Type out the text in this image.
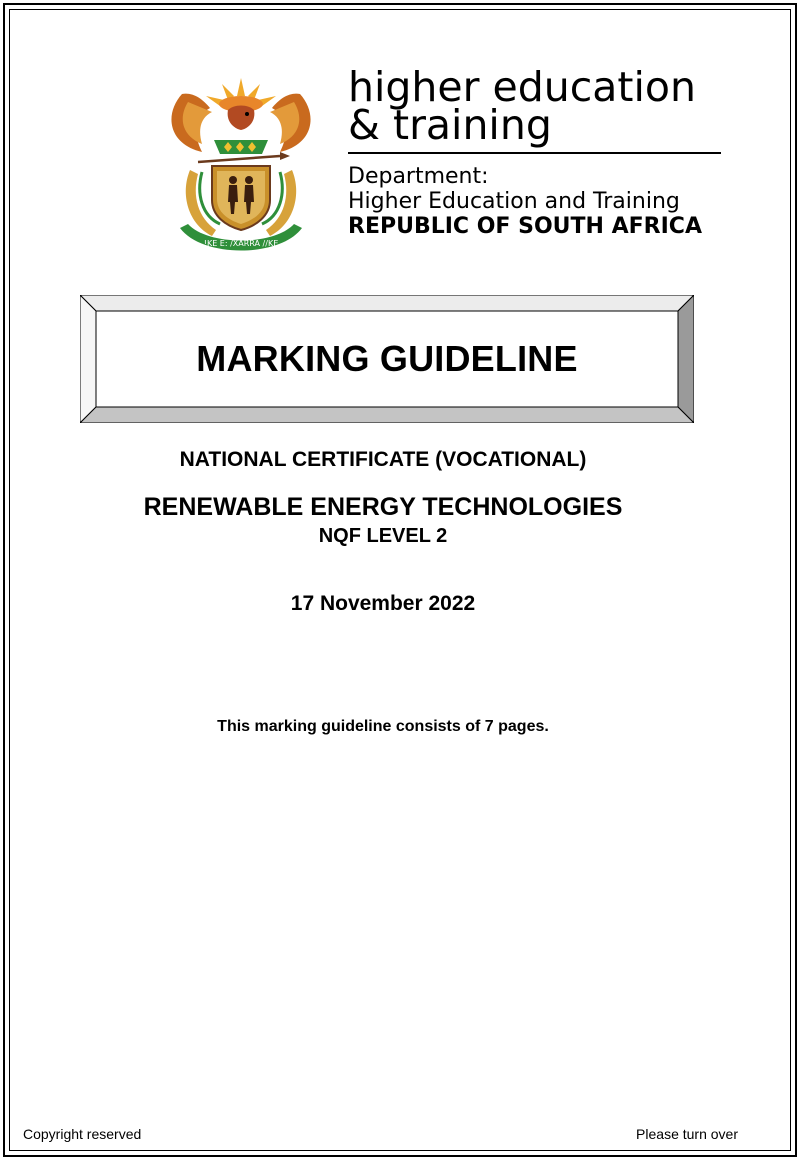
!KE E: /XARRA //KE
higher education
& training
Department:
Higher Education and Training
REPUBLIC OF SOUTH AFRICA
MARKING GUIDELINE
NATIONAL CERTIFICATE (VOCATIONAL)
RENEWABLE ENERGY TECHNOLOGIES
NQF LEVEL 2
17 November 2022
This marking guideline consists of 7 pages.
Copyright reserved	Please turn over
